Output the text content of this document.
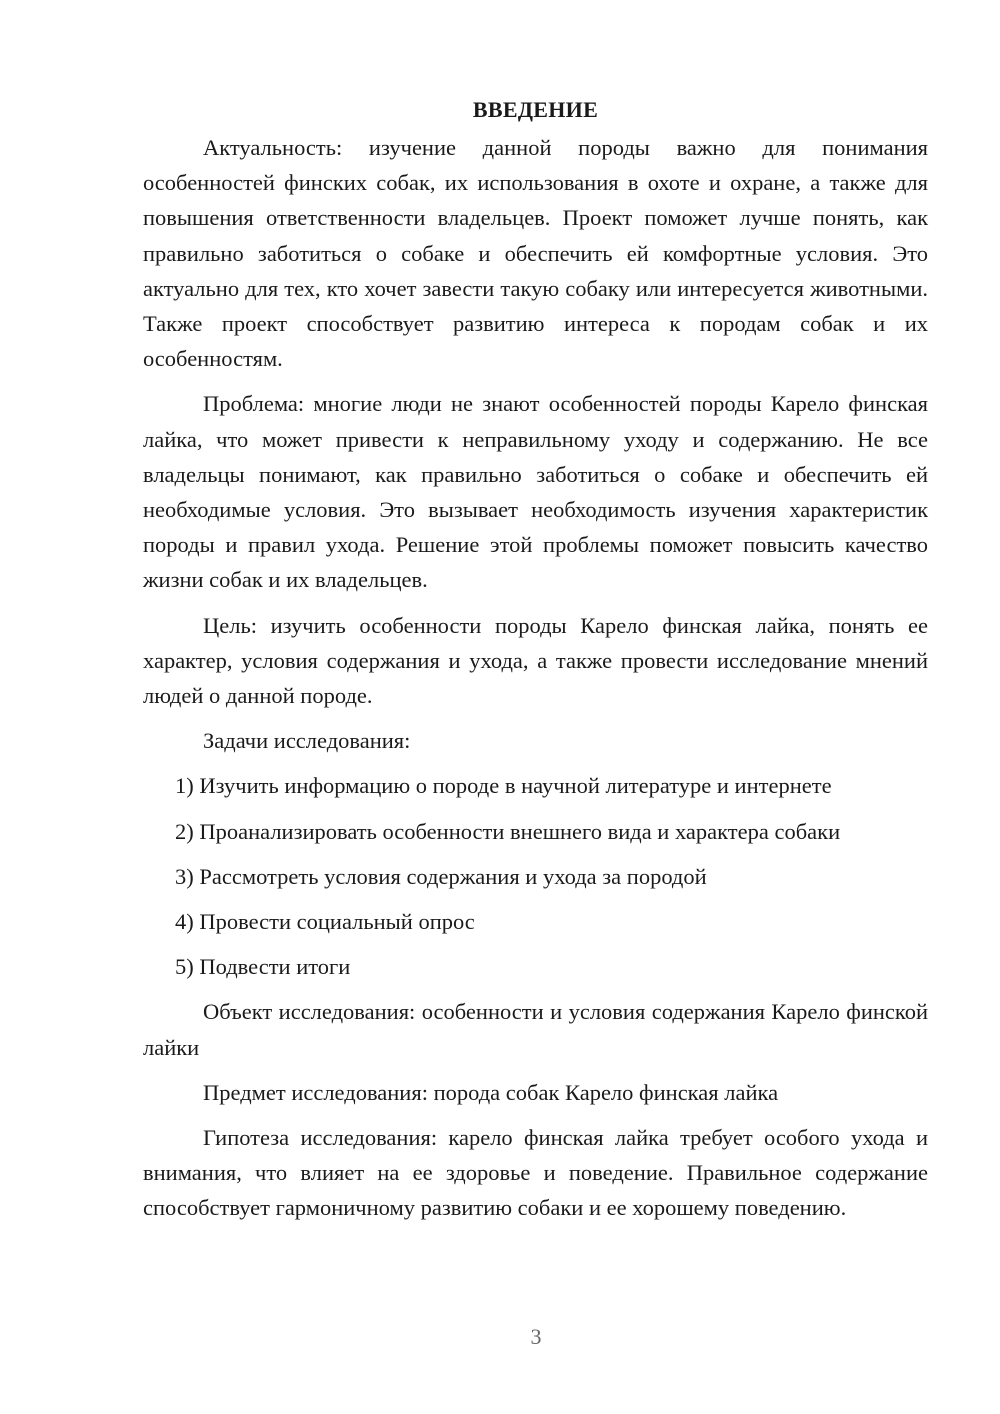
ВВЕДЕНИЕ

Актуальность: изучение данной породы важно для понимания особенностей финских собак, их использования в охоте и охране, а также для повышения ответственности владельцев. Проект поможет лучше понять, как правильно заботиться о собаке и обеспечить ей комфортные условия. Это актуально для тех, кто хочет завести такую собаку или интересуется животными. Также проект способствует развитию интереса к породам собак и их особенностям.

Проблема: многие люди не знают особенностей породы Карело финская лайка, что может привести к неправильному уходу и содержанию. Не все владельцы понимают, как правильно заботиться о собаке и обеспечить ей необходимые условия. Это вызывает необходимость изучения характеристик породы и правил ухода. Решение этой проблемы поможет повысить качество жизни собак и их владельцев.

Цель: изучить особенности породы Карело финская лайка, понять ее характер, условия содержания и ухода, а также провести исследование мнений людей о данной породе.

Задачи исследования:

1) Изучить информацию о породе в научной литературе и интернете
2) Проанализировать особенности внешнего вида и характера собаки
3) Рассмотреть условия содержания и ухода за породой
4) Провести социальный опрос
5) Подвести итоги

Объект исследования: особенности и условия содержания Карело финской лайки

Предмет исследования: порода собак Карело финская лайка

Гипотеза исследования: карело финская лайка требует особого ухода и внимания, что влияет на ее здоровье и поведение. Правильное содержание способствует гармоничному развитию собаки и ее хорошему поведению.

3
